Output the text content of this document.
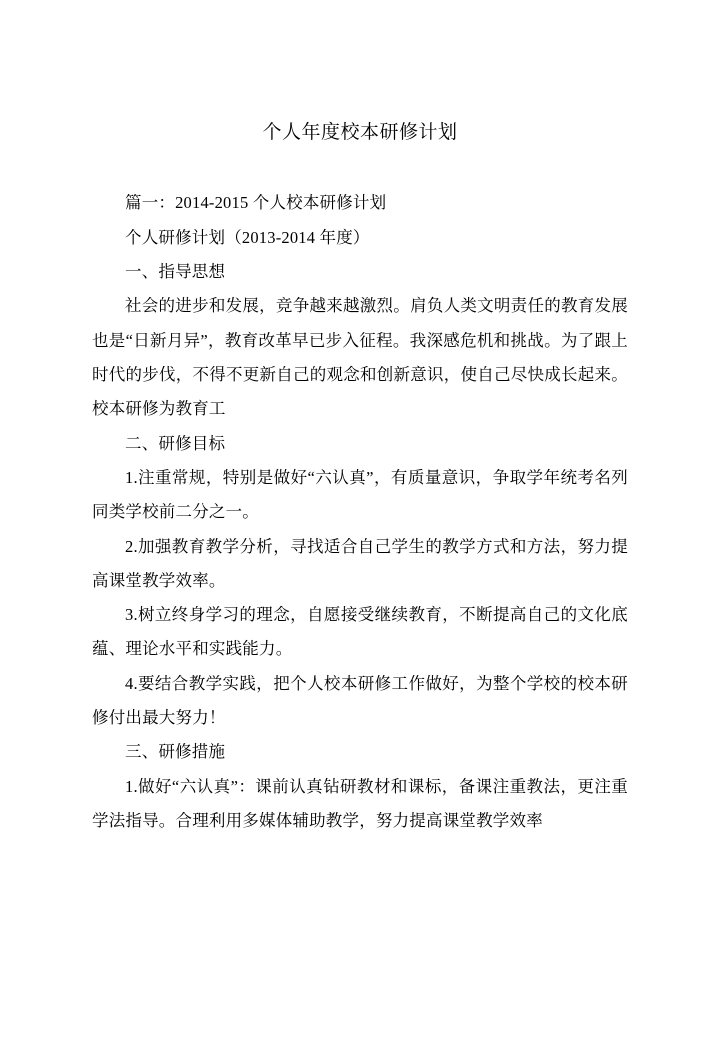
个人年度校本研修计划

篇一：2014-2015 个人校本研修计划

个人研修计划（2013-2014 年度）

一、指导思想

社会的进步和发展，竞争越来越激烈。肩负人类文明责任的教育发展也是“日新月异”，教育改革早已步入征程。我深感危机和挑战。为了跟上时代的步伐，不得不更新自己的观念和创新意识，使自己尽快成长起来。校本研修为教育工

二、研修目标

1.注重常规，特别是做好“六认真”，有质量意识，争取学年统考名列同类学校前二分之一。

2.加强教育教学分析，寻找适合自己学生的教学方式和方法，努力提高课堂教学效率。

3.树立终身学习的理念，自愿接受继续教育，不断提高自己的文化底蕴、理论水平和实践能力。

4.要结合教学实践，把个人校本研修工作做好，为整个学校的校本研修付出最大努力！

三、研修措施

1.做好“六认真”：课前认真钻研教材和课标，备课注重教法，更注重学法指导。合理利用多媒体辅助教学，努力提高课堂教学效率
